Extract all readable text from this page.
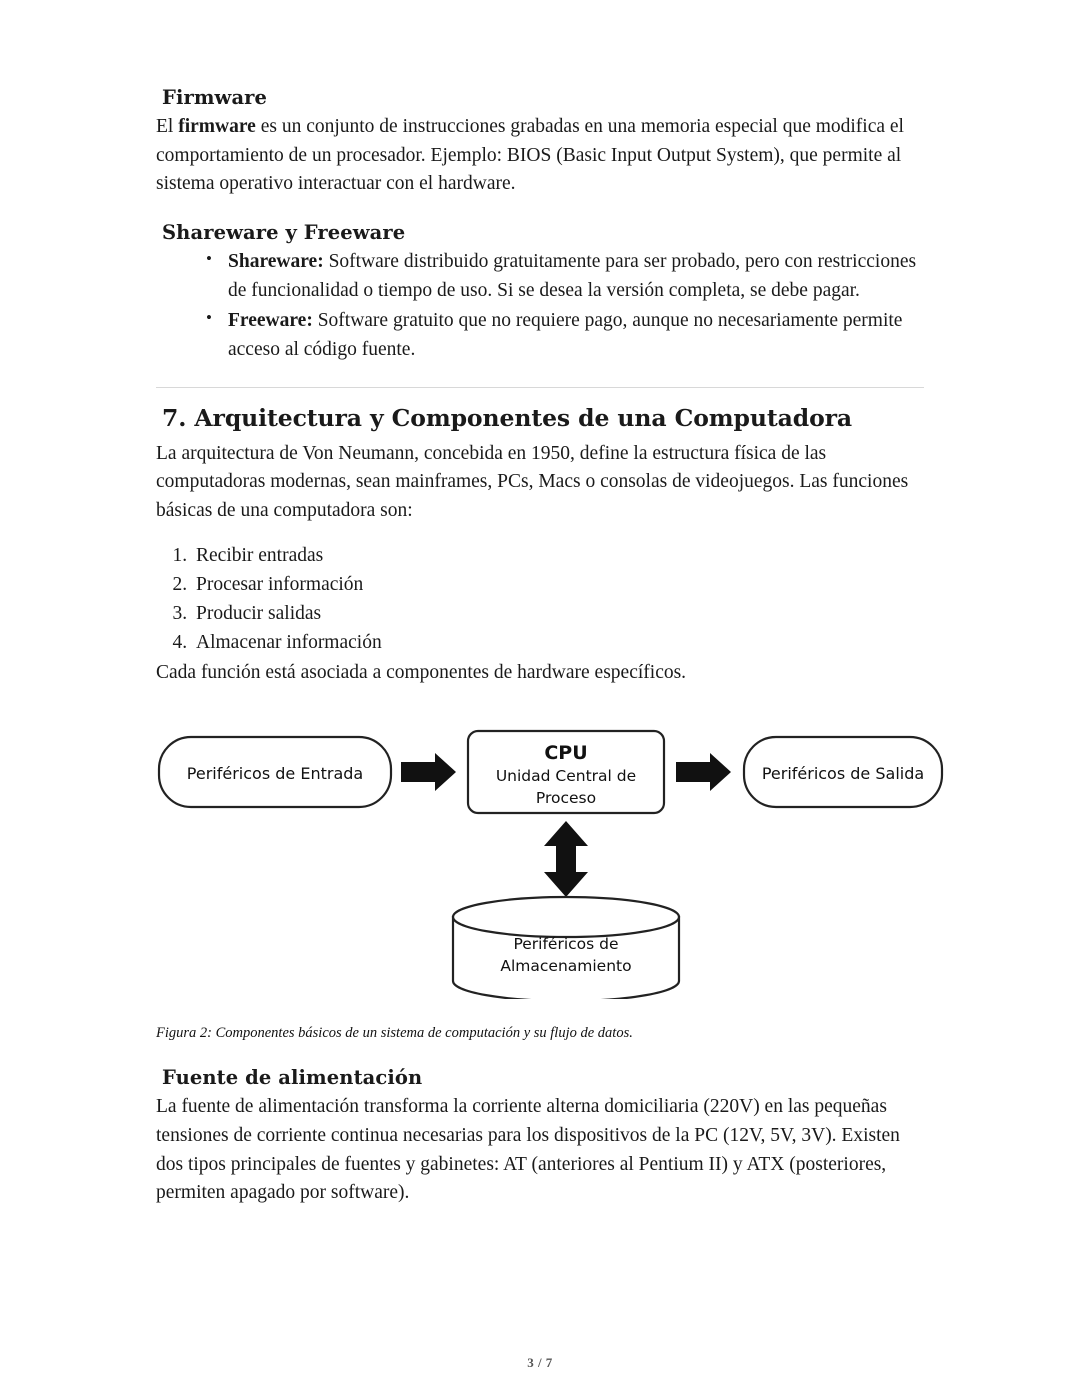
Firmware

El firmware es un conjunto de instrucciones grabadas en una memoria especial que modifica el comportamiento de un procesador. Ejemplo: BIOS (Basic Input Output System), que permite al sistema operativo interactuar con el hardware.

Shareware y Freeware
• Shareware: Software distribuido gratuitamente para ser probado, pero con restricciones de funcionalidad o tiempo de uso. Si se desea la versión completa, se debe pagar.
• Freeware: Software gratuito que no requiere pago, aunque no necesariamente permite acceso al código fuente.
7. Arquitectura y Componentes de una Computadora

La arquitectura de Von Neumann, concebida en 1950, define la estructura física de las computadoras modernas, sean mainframes, PCs, Macs o consolas de videojuegos. Las funciones básicas de una computadora son:

1. Recibir entradas
2. Procesar información
3. Producir salidas
4. Almacenar información

Cada función está asociada a componentes de hardware específicos.

Periféricos de Entrada
CPU
Unidad Central de
Proceso
Periféricos de Salida
Periféricos de
Almacenamiento
Figura 2: Componentes básicos de un sistema de computación y su flujo de datos.
Fuente de alimentación

La fuente de alimentación transforma la corriente alterna domiciliaria (220V) en las pequeñas tensiones de corriente continua necesarias para los dispositivos de la PC (12V, 5V, 3V). Existen dos tipos principales de fuentes y gabinetes: AT (anteriores al Pentium II) y ATX (posteriores, permiten apagado por software).

3 / 7
